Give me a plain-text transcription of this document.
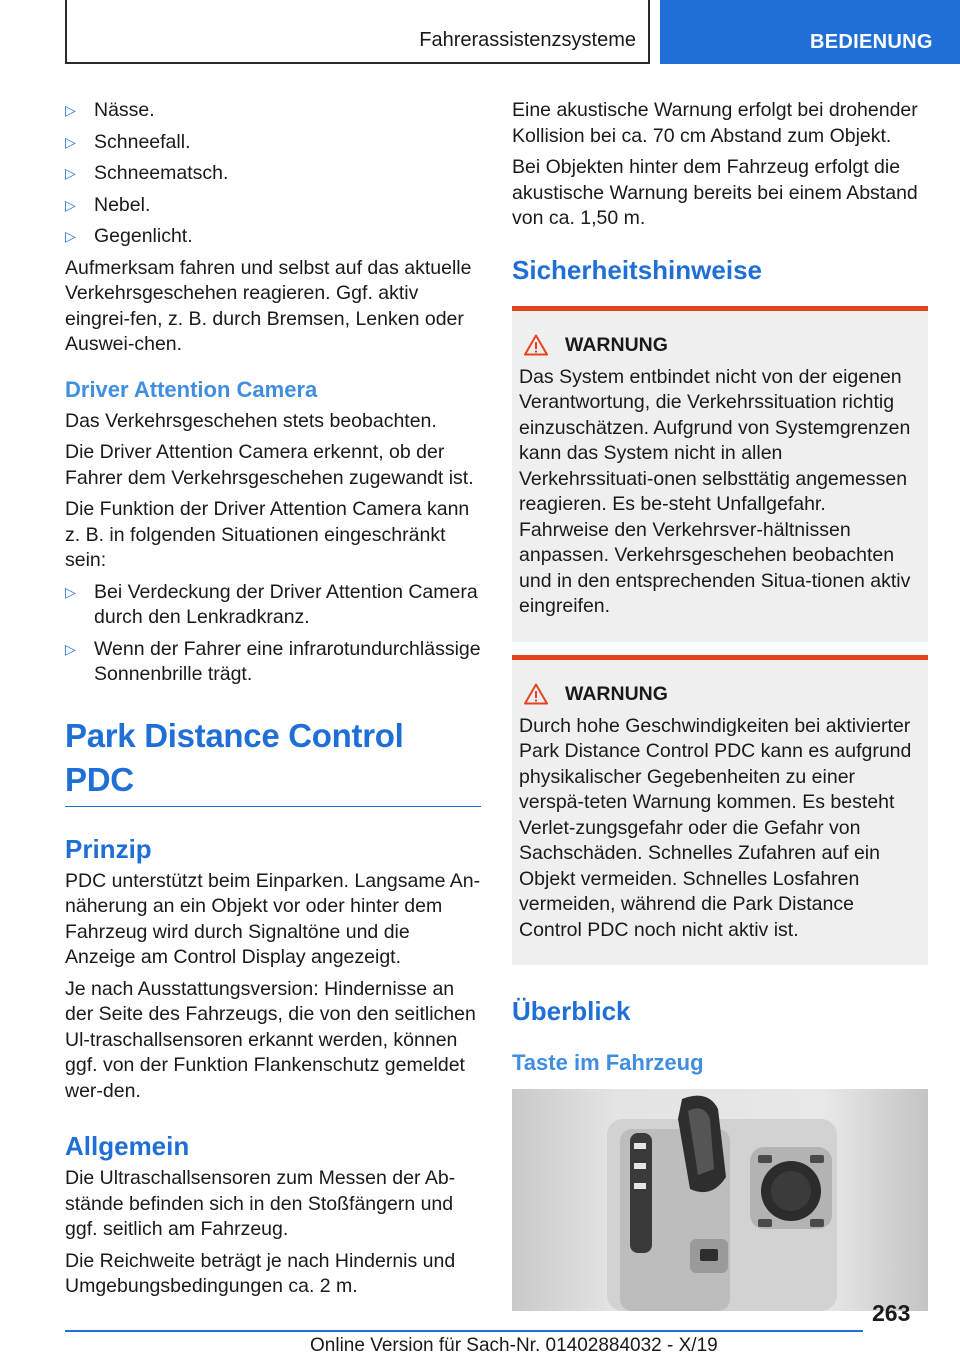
Fahrerassistenzsysteme	BEDIENUNG
▷ Nässe.
▷ Schneefall.
▷ Schneematsch.
▷ Nebel.
▷ Gegenlicht.

Aufmerksam fahren und selbst auf das aktuelle Verkehrsgeschehen reagieren. Ggf. aktiv eingrei-fen, z. B. durch Bremsen, Lenken oder Auswei-chen.

Driver Attention Camera

Das Verkehrsgeschehen stets beobachten.

Die Driver Attention Camera erkennt, ob der Fahrer dem Verkehrsgeschehen zugewandt ist.

Die Funktion der Driver Attention Camera kann z. B. in folgenden Situationen eingeschränkt sein:

▷ Bei Verdeckung der Driver Attention Camera durch den Lenkradkranz.
▷ Wenn der Fahrer eine infrarotundurchlässige Sonnenbrille trägt.
Park Distance Control PDC
Prinzip

PDC unterstützt beim Einparken. Langsame An-näherung an ein Objekt vor oder hinter dem Fahrzeug wird durch Signaltöne und die Anzeige am Control Display angezeigt.

Je nach Ausstattungsversion: Hindernisse an der Seite des Fahrzeugs, die von den seitlichen Ul-traschallsensoren erkannt werden, können ggf. von der Funktion Flankenschutz gemeldet wer-den.

Allgemein

Die Ultraschallsensoren zum Messen der Ab-stände befinden sich in den Stoßfängern und ggf. seitlich am Fahrzeug.

Die Reichweite beträgt je nach Hindernis und Umgebungsbedingungen ca. 2 m.

Eine akustische Warnung erfolgt bei drohender Kollision bei ca. 70 cm Abstand zum Objekt.

Bei Objekten hinter dem Fahrzeug erfolgt die akustische Warnung bereits bei einem Abstand von ca. 1,50 m.

Sicherheitshinweise
WARNUNG

Das System entbindet nicht von der eigenen Verantwortung, die Verkehrssituation richtig einzuschätzen. Aufgrund von Systemgrenzen kann das System nicht in allen Verkehrssituati-onen selbsttätig angemessen reagieren. Es be-steht Unfallgefahr. Fahrweise den Verkehrsver-hältnissen anpassen. Verkehrsgeschehen beobachten und in den entsprechenden Situa-tionen aktiv eingreifen.

WARNUNG

Durch hohe Geschwindigkeiten bei aktivierter Park Distance Control PDC kann es aufgrund physikalischer Gegebenheiten zu einer verspä-teten Warnung kommen. Es besteht Verlet-zungsgefahr oder die Gefahr von Sachschäden. Schnelles Zufahren auf ein Objekt vermeiden. Schnelles Losfahren vermeiden, während die Park Distance Control PDC noch nicht aktiv ist.

Überblick
Taste im Fahrzeug
263
Online Version für Sach-Nr. 01402884032 - X/19
